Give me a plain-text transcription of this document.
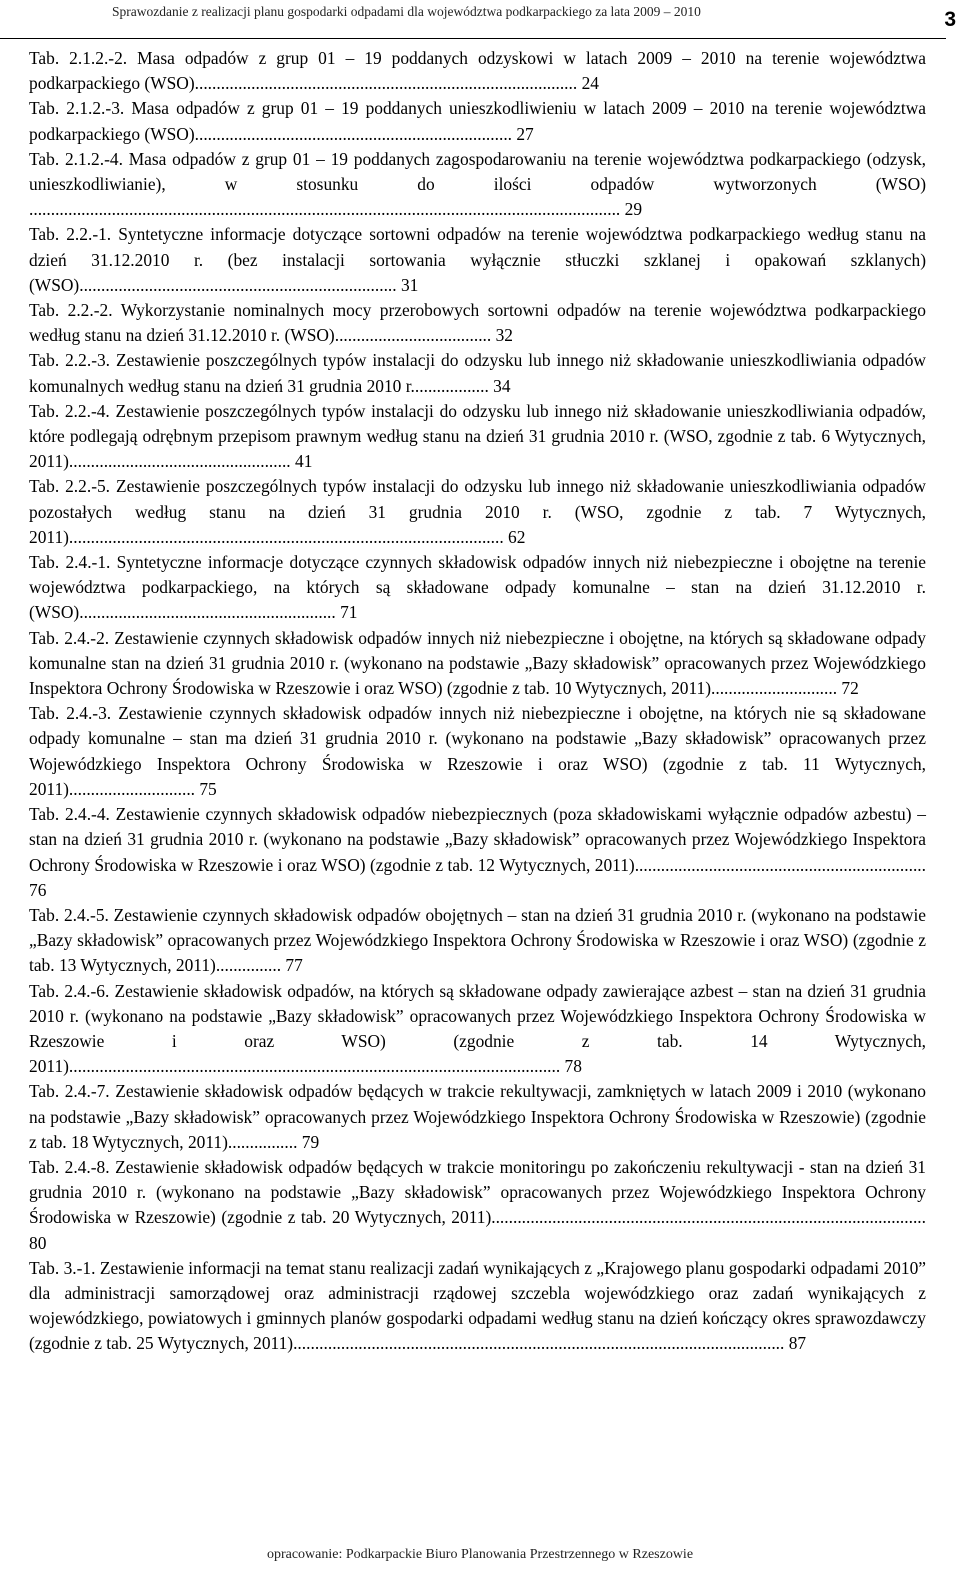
Sprawozdanie z realizacji planu gospodarki odpadami dla województwa podkarpackiego za lata 2009 – 2010	3

Tab. 2.1.2.-2. Masa odpadów z grup 01 – 19 poddanych odzyskowi w latach 2009 – 2010 na terenie województwa podkarpackiego (WSO)........................................................................................ 24

Tab. 2.1.2.-3. Masa odpadów z grup 01 – 19 poddanych unieszkodliwieniu w latach 2009 – 2010 na terenie województwa podkarpackiego (WSO)......................................................................... 27

Tab. 2.1.2.-4. Masa odpadów z grup 01 – 19 poddanych zagospodarowaniu na terenie województwa podkarpackiego (odzysk, unieszkodliwianie), w stosunku do ilości odpadów wytworzonych (WSO) ........................................................................................................................................ 29

Tab. 2.2.-1. Syntetyczne informacje dotyczące sortowni odpadów na terenie województwa podkarpackiego według stanu na dzień 31.12.2010 r. (bez instalacji sortowania wyłącznie stłuczki szklanej i opakowań szklanych) (WSO)......................................................................... 31

Tab. 2.2.-2. Wykorzystanie nominalnych mocy przerobowych sortowni odpadów na terenie województwa podkarpackiego według stanu na dzień 31.12.2010 r. (WSO).................................... 32

Tab. 2.2.-3. Zestawienie poszczególnych typów instalacji do odzysku lub innego niż składowanie unieszkodliwiania odpadów komunalnych według stanu na dzień 31 grudnia 2010 r.................. 34

Tab. 2.2.-4. Zestawienie poszczególnych typów instalacji do odzysku lub innego niż składowanie unieszkodliwiania odpadów, które podlegają odrębnym przepisom prawnym według stanu na dzień 31 grudnia 2010 r. (WSO, zgodnie z tab. 6 Wytycznych, 2011)................................................... 41

Tab. 2.2.-5. Zestawienie poszczególnych typów instalacji do odzysku lub innego niż składowanie unieszkodliwiania odpadów pozostałych według stanu na dzień 31 grudnia 2010 r. (WSO, zgodnie z tab. 7 Wytycznych, 2011).................................................................................................... 62

Tab. 2.4.-1. Syntetyczne informacje dotyczące czynnych składowisk odpadów innych niż niebezpieczne i obojętne na terenie województwa podkarpackiego, na których są składowane odpady komunalne – stan na dzień 31.12.2010 r. (WSO)........................................................... 71

Tab. 2.4.-2. Zestawienie czynnych składowisk odpadów innych niż niebezpieczne i obojętne, na których są składowane odpady komunalne stan na dzień 31 grudnia 2010 r. (wykonano na podstawie „Bazy składowisk” opracowanych przez Wojewódzkiego Inspektora Ochrony Środowiska w Rzeszowie i oraz WSO) (zgodnie z tab. 10 Wytycznych, 2011)............................. 72

Tab. 2.4.-3. Zestawienie czynnych składowisk odpadów innych niż niebezpieczne i obojętne, na których nie są składowane odpady komunalne – stan ma dzień 31 grudnia 2010 r. (wykonano na podstawie „Bazy składowisk” opracowanych przez Wojewódzkiego Inspektora Ochrony Środowiska w Rzeszowie i oraz WSO) (zgodnie z tab. 11 Wytycznych, 2011)............................. 75

Tab. 2.4.-4. Zestawienie czynnych składowisk odpadów niebezpiecznych (poza składowiskami wyłącznie odpadów azbestu) – stan na dzień 31 grudnia 2010 r. (wykonano na podstawie „Bazy składowisk” opracowanych przez Wojewódzkiego Inspektora Ochrony Środowiska w Rzeszowie i oraz WSO) (zgodnie z tab. 12 Wytycznych, 2011)................................................................... 76

Tab. 2.4.-5. Zestawienie czynnych składowisk odpadów obojętnych – stan na dzień 31 grudnia 2010 r. (wykonano na podstawie „Bazy składowisk” opracowanych przez Wojewódzkiego Inspektora Ochrony Środowiska w Rzeszowie i oraz WSO) (zgodnie z tab. 13 Wytycznych, 2011)............... 77

Tab. 2.4.-6. Zestawienie składowisk odpadów, na których są składowane odpady zawierające azbest – stan na dzień 31 grudnia 2010 r. (wykonano na podstawie „Bazy składowisk” opracowanych przez Wojewódzkiego Inspektora Ochrony Środowiska w Rzeszowie i oraz WSO) (zgodnie z tab. 14 Wytycznych, 2011)................................................................................................................. 78

Tab. 2.4.-7. Zestawienie składowisk odpadów będących w trakcie rekultywacji, zamkniętych w latach 2009 i 2010 (wykonano na podstawie „Bazy składowisk” opracowanych przez Wojewódzkiego Inspektora Ochrony Środowiska w Rzeszowie) (zgodnie z tab. 18 Wytycznych, 2011)................ 79

Tab. 2.4.-8. Zestawienie składowisk odpadów będących w trakcie monitoringu po zakończeniu rekultywacji - stan na dzień 31 grudnia 2010 r. (wykonano na podstawie „Bazy składowisk” opracowanych przez Wojewódzkiego Inspektora Ochrony Środowiska w Rzeszowie) (zgodnie z tab. 20 Wytycznych, 2011).................................................................................................... 80

Tab. 3.-1. Zestawienie informacji na temat stanu realizacji zadań wynikających z „Krajowego planu gospodarki odpadami 2010” dla administracji samorządowej oraz administracji rządowej szczebla wojewódzkiego oraz zadań wynikających z wojewódzkiego, powiatowych i gminnych planów gospodarki odpadami według stanu na dzień kończący okres sprawozdawczy (zgodnie z tab. 25 Wytycznych, 2011)................................................................................................................. 87

opracowanie: Podkarpackie Biuro Planowania Przestrzennego w Rzeszowie
